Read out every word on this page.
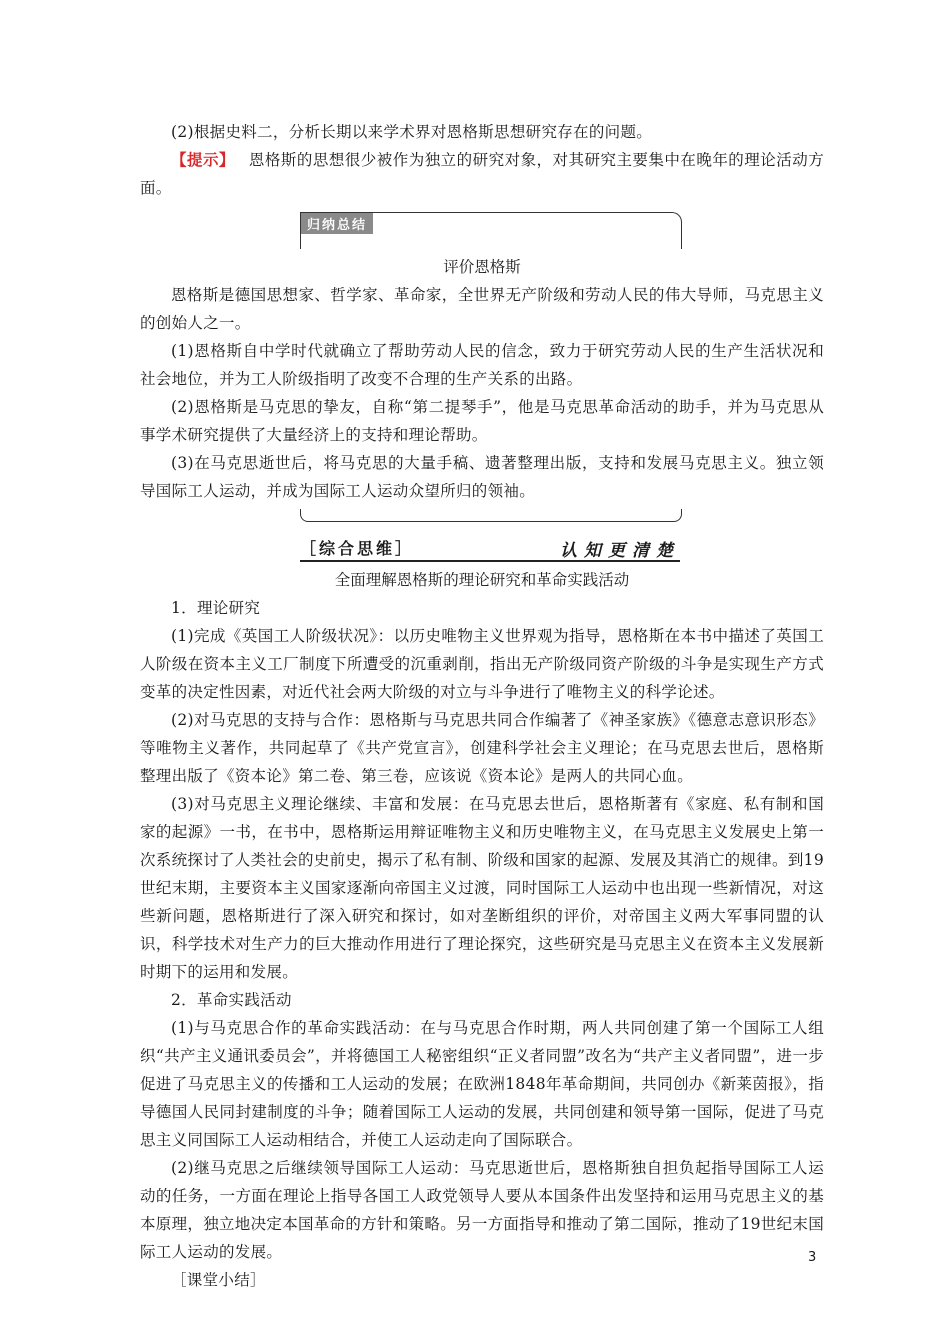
(2)根据史料二，分析长期以来学术界对恩格斯思想研究存在的问题。

【提示】 恩格斯的思想很少被作为独立的研究对象，对其研究主要集中在晚年的理论活动方面。

归纳总结

评价恩格斯

恩格斯是德国思想家、哲学家、革命家，全世界无产阶级和劳动人民的伟大导师，马克思主义的创始人之一。

(1)恩格斯自中学时代就确立了帮助劳动人民的信念，致力于研究劳动人民的生产生活状况和社会地位，并为工人阶级指明了改变不合理的生产关系的出路。

(2)恩格斯是马克思的挚友，自称“第二提琴手”，他是马克思革命活动的助手，并为马克思从事学术研究提供了大量经济上的支持和理论帮助。

(3)在马克思逝世后，将马克思的大量手稿、遗著整理出版，支持和发展马克思主义。独立领导国际工人运动，并成为国际工人运动众望所归的领袖。

［综合思维］	认知更清楚

全面理解恩格斯的理论研究和革命实践活动

1．理论研究

(1)完成《英国工人阶级状况》：以历史唯物主义世界观为指导，恩格斯在本书中描述了英国工人阶级在资本主义工厂制度下所遭受的沉重剥削，指出无产阶级同资产阶级的斗争是实现生产方式变革的决定性因素，对近代社会两大阶级的对立与斗争进行了唯物主义的科学论述。

(2)对马克思的支持与合作：恩格斯与马克思共同合作编著了《神圣家族》《德意志意识形态》等唯物主义著作，共同起草了《共产党宣言》，创建科学社会主义理论；在马克思去世后，恩格斯整理出版了《资本论》第二卷、第三卷，应该说《资本论》是两人的共同心血。

(3)对马克思主义理论继续、丰富和发展：在马克思去世后，恩格斯著有《家庭、私有制和国家的起源》一书，在书中，恩格斯运用辩证唯物主义和历史唯物主义，在马克思主义发展史上第一次系统探讨了人类社会的史前史，揭示了私有制、阶级和国家的起源、发展及其消亡的规律。到19世纪末期，主要资本主义国家逐渐向帝国主义过渡，同时国际工人运动中也出现一些新情况，对这些新问题，恩格斯进行了深入研究和探讨，如对垄断组织的评价，对帝国主义两大军事同盟的认识，科学技术对生产力的巨大推动作用进行了理论探究，这些研究是马克思主义在资本主义发展新时期下的运用和发展。

2．革命实践活动

(1)与马克思合作的革命实践活动：在与马克思合作时期，两人共同创建了第一个国际工人组织“共产主义通讯委员会”，并将德国工人秘密组织“正义者同盟”改名为“共产主义者同盟”，进一步促进了马克思主义的传播和工人运动的发展；在欧洲1848年革命期间，共同创办《新莱茵报》，指导德国人民同封建制度的斗争；随着国际工人运动的发展，共同创建和领导第一国际，促进了马克思主义同国际工人运动相结合，并使工人运动走向了国际联合。

(2)继马克思之后继续领导国际工人运动：马克思逝世后，恩格斯独自担负起指导国际工人运动的任务，一方面在理论上指导各国工人政党领导人要从本国条件出发坚持和运用马克思主义的基本原理，独立地决定本国革命的方针和策略。另一方面指导和推动了第二国际，推动了19世纪末国际工人运动的发展。

［课堂小结］

3
